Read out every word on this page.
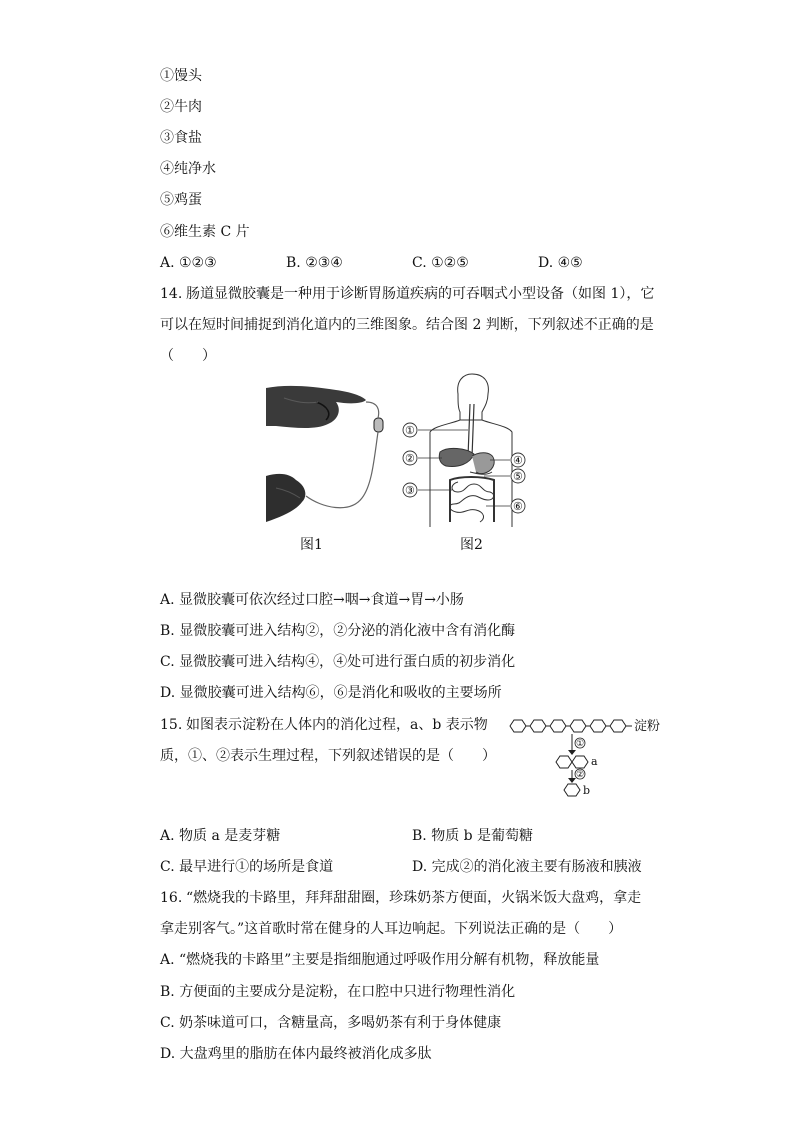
①馒头
②牛肉
③食盐
④纯净水
⑤鸡蛋
⑥维生素 C 片
A. ①②③	B. ②③④	C. ①②⑤	D. ④⑤
14. 肠道显微胶囊是一种用于诊断胃肠道疾病的可吞咽式小型设备（如图 1），它
可以在短时间捕捉到消化道内的三维图象。结合图 2 判断，下列叙述不正确的是
（　　）
图1
①
②
③
④
⑤
⑥
图2
A. 显微胶囊可依次经过口腔→咽→食道→胃→小肠
B. 显微胶囊可进入结构②，②分泌的消化液中含有消化酶
C. 显微胶囊可进入结构④，④处可进行蛋白质的初步消化
D. 显微胶囊可进入结构⑥，⑥是消化和吸收的主要场所
15. 如图表示淀粉在人体内的消化过程，a、b 表示物
质，①、②表示生理过程，下列叙述错误的是（　　）
淀粉
①
②
a
b
A. 物质 a 是麦芽糖	B. 物质 b 是葡萄糖
C. 最早进行①的场所是食道	D. 完成②的消化液主要有肠液和胰液
16. “燃烧我的卡路里，拜拜甜甜圈，珍珠奶茶方便面，火锅米饭大盘鸡，拿走
拿走别客气。”这首歌时常在健身的人耳边响起。下列说法正确的是（　　）
A. “燃烧我的卡路里”主要是指细胞通过呼吸作用分解有机物，释放能量
B. 方便面的主要成分是淀粉，在口腔中只进行物理性消化
C. 奶茶味道可口，含糖量高，多喝奶茶有利于身体健康
D. 大盘鸡里的脂肪在体内最终被消化成多肽
